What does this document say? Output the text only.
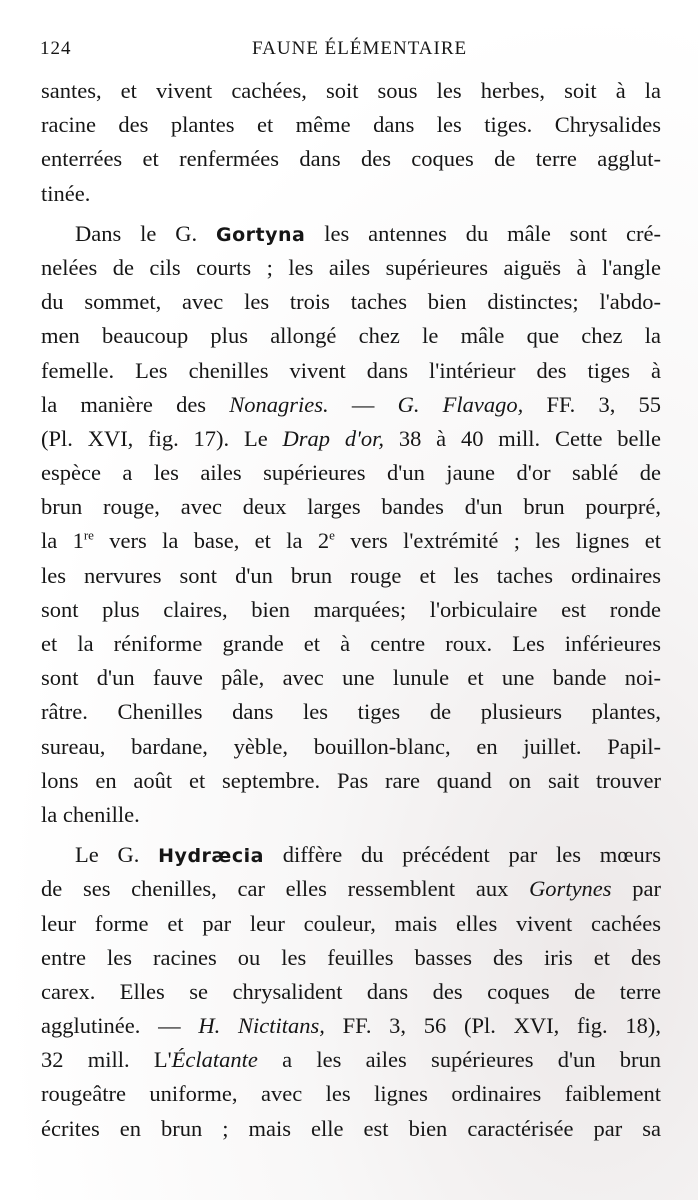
124	FAUNE ÉLÉMENTAIRE
santes, et vivent cachées, soit sous les herbes, soit à la
racine des plantes et même dans les tiges. Chrysalides
enterrées et renfermées dans des coques de terre agglut-
tinée.
Dans le G. Gortyna les antennes du mâle sont cré-
nelées de cils courts ; les ailes supérieures aiguës à l'angle
du sommet, avec les trois taches bien distinctes; l'abdo-
men beaucoup plus allongé chez le mâle que chez la
femelle. Les chenilles vivent dans l'intérieur des tiges à
la manière des Nonagries. — G. Flavago, FF. 3, 55
(Pl. XVI, fig. 17). Le Drap d'or, 38 à 40 mill. Cette belle
espèce a les ailes supérieures d'un jaune d'or sablé de
brun rouge, avec deux larges bandes d'un brun pourpré,
la 1re vers la base, et la 2e vers l'extrémité ; les lignes et
les nervures sont d'un brun rouge et les taches ordinaires
sont plus claires, bien marquées; l'orbiculaire est ronde
et la réniforme grande et à centre roux. Les inférieures
sont d'un fauve pâle, avec une lunule et une bande noi-
râtre. Chenilles dans les tiges de plusieurs plantes,
sureau, bardane, yèble, bouillon-blanc, en juillet. Papil-
lons en août et septembre. Pas rare quand on sait trouver
la chenille.
Le G. Hydræcia diffère du précédent par les mœurs
de ses chenilles, car elles ressemblent aux Gortynes par
leur forme et par leur couleur, mais elles vivent cachées
entre les racines ou les feuilles basses des iris et des
carex. Elles se chrysalident dans des coques de terre
agglutinée. — H. Nictitans, FF. 3, 56 (Pl. XVI, fig. 18),
32 mill. L'Éclatante a les ailes supérieures d'un brun
rougeâtre uniforme, avec les lignes ordinaires faiblement
écrites en brun ; mais elle est bien caractérisée par sa
